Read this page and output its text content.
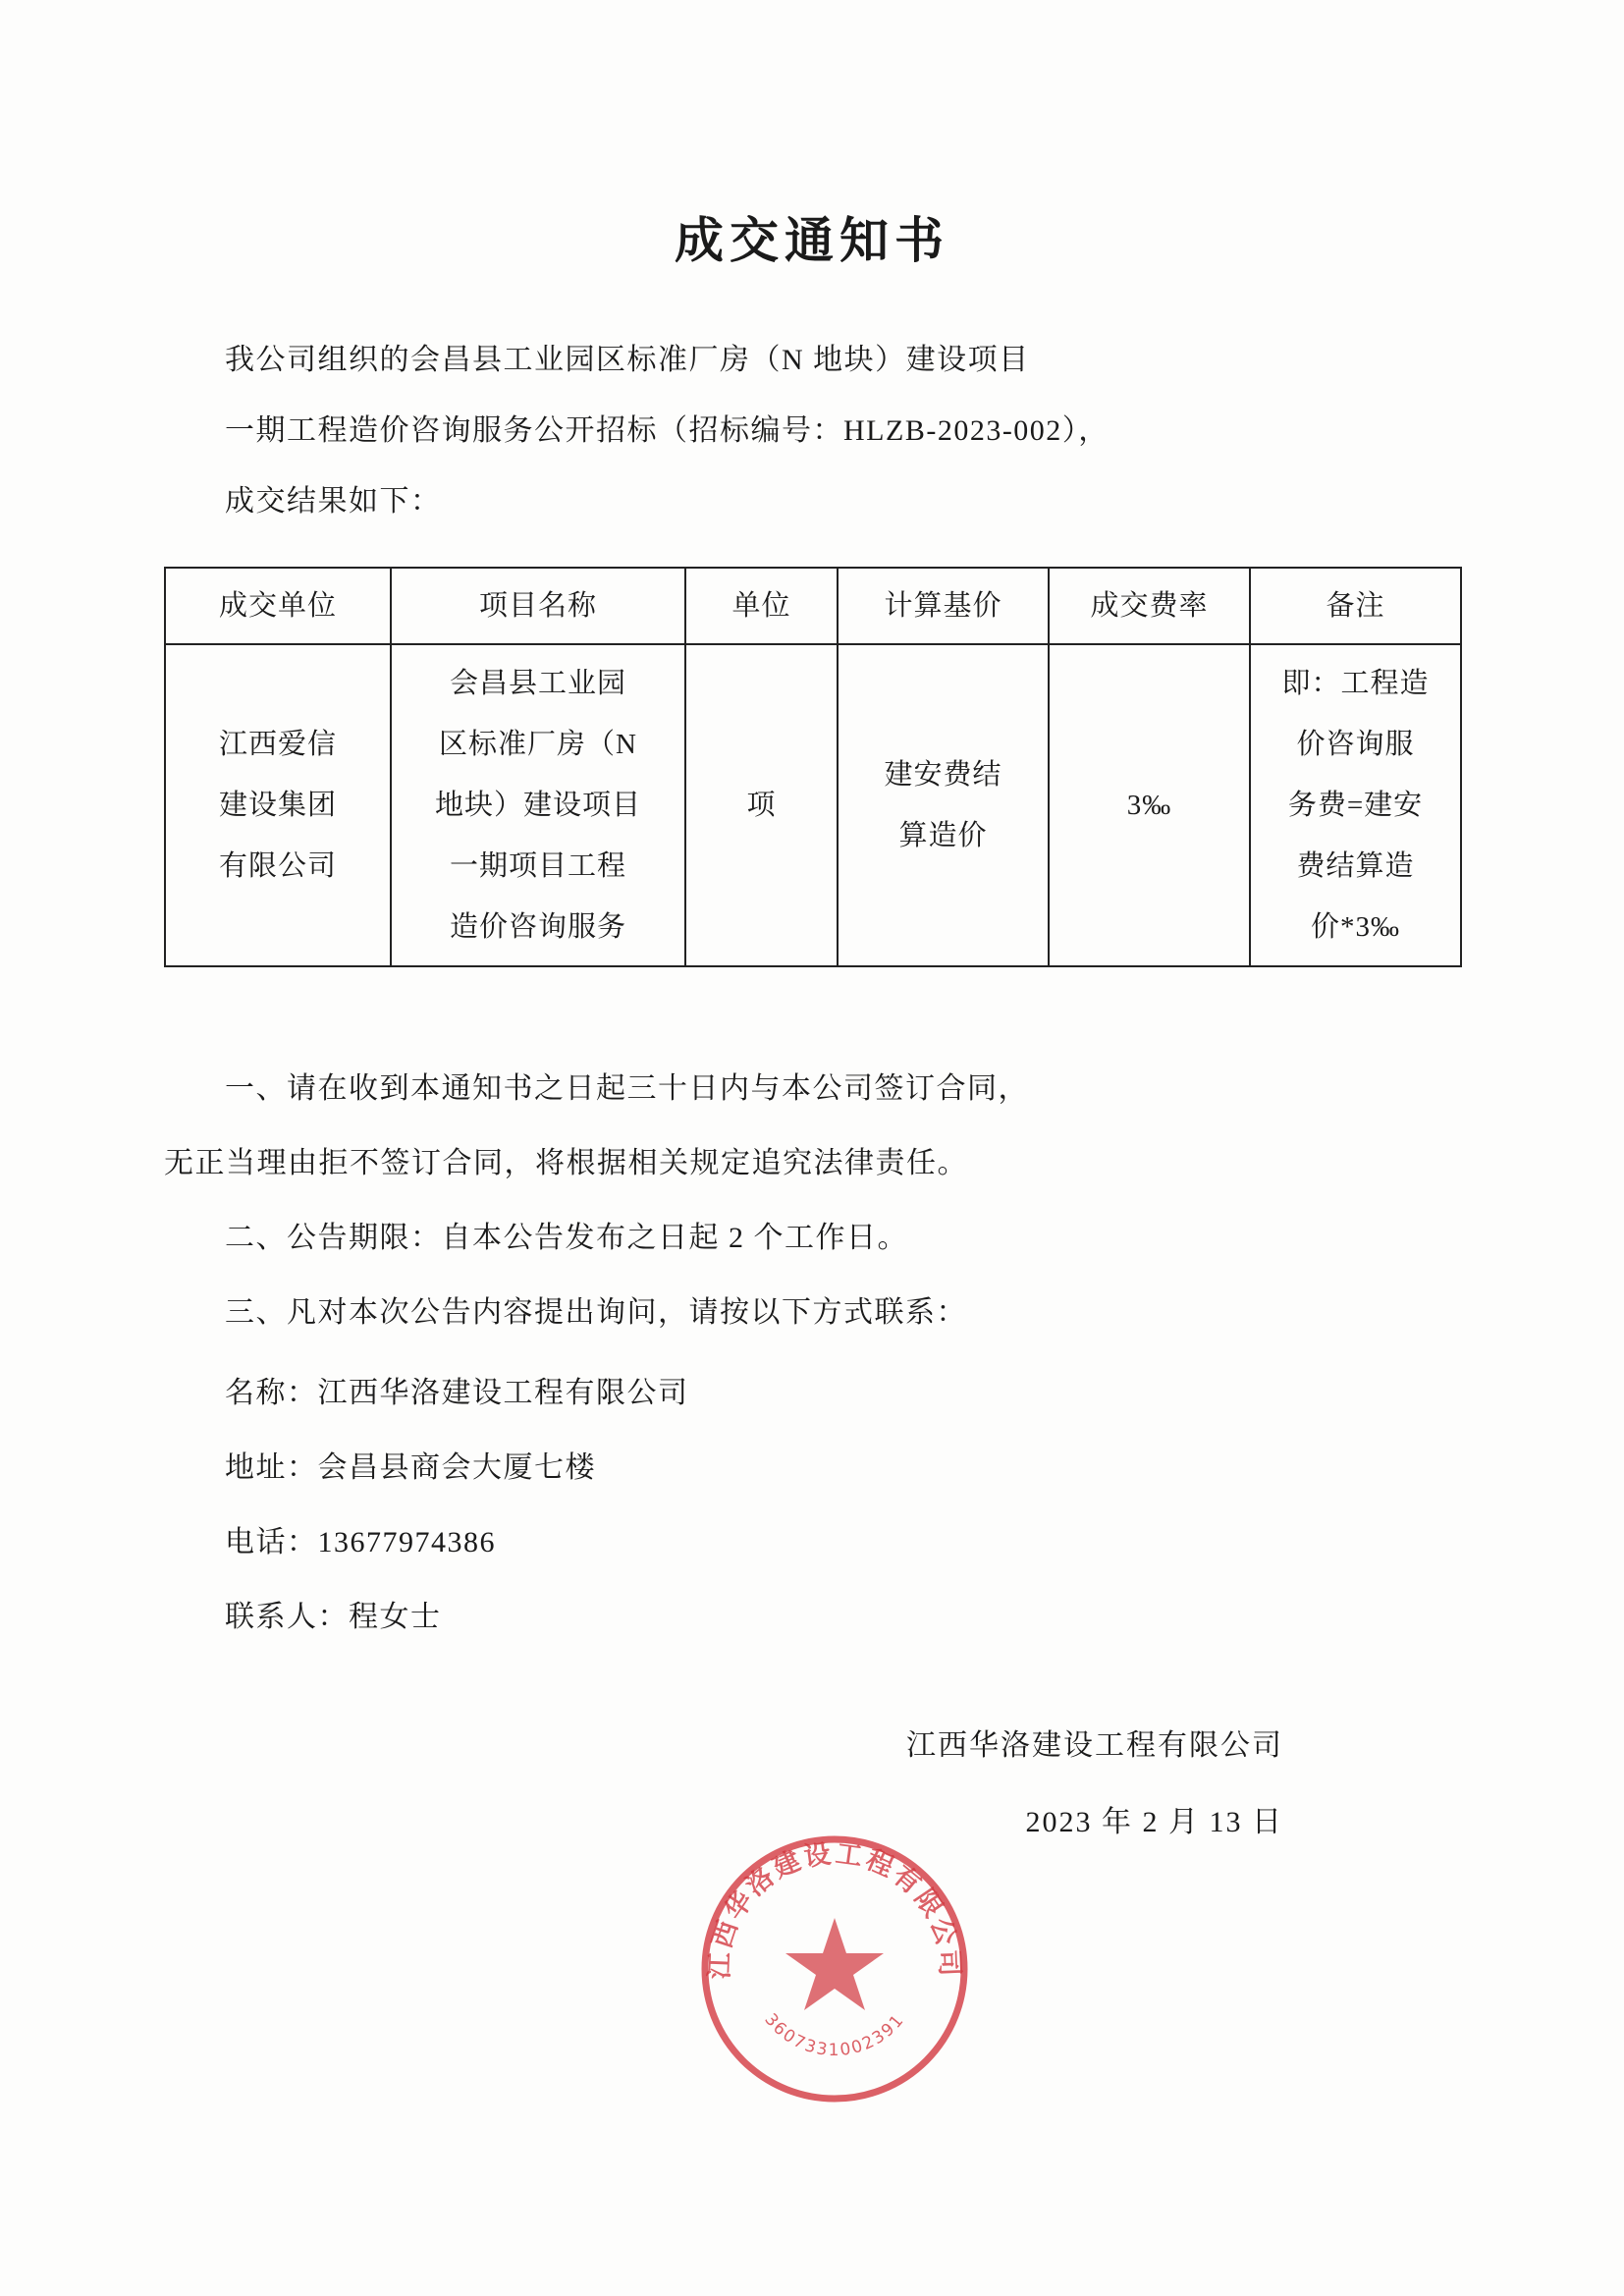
成交通知书
我公司组织的会昌县工业园区标准厂房（N 地块）建设项目
一期工程造价咨询服务公开招标（招标编号：HLZB-2023-002），
成交结果如下：
成交单位	项目名称	单位	计算基价	成交费率	备注

江西爱信
建设集团
有限公司	会昌县工业园
区标准厂房（N
地块）建设项目
一期项目工程
造价咨询服务	项	建安费结
算造价	3‰	即：工程造
价咨询服
务费=建安
费结算造
价*3‰
一、请在收到本通知书之日起三十日内与本公司签订合同，
无正当理由拒不签订合同，将根据相关规定追究法律责任。
二、公告期限：自本公告发布之日起 2 个工作日。
三、凡对本次公告内容提出询问，请按以下方式联系：
名称：江西华洛建设工程有限公司
地址：会昌县商会大厦七楼
电话：13677974386
联系人：程女士
江西华洛建设工程有限公司
2023 年 2 月 13 日
江西华洛建设工程有限公司
3607331002391
